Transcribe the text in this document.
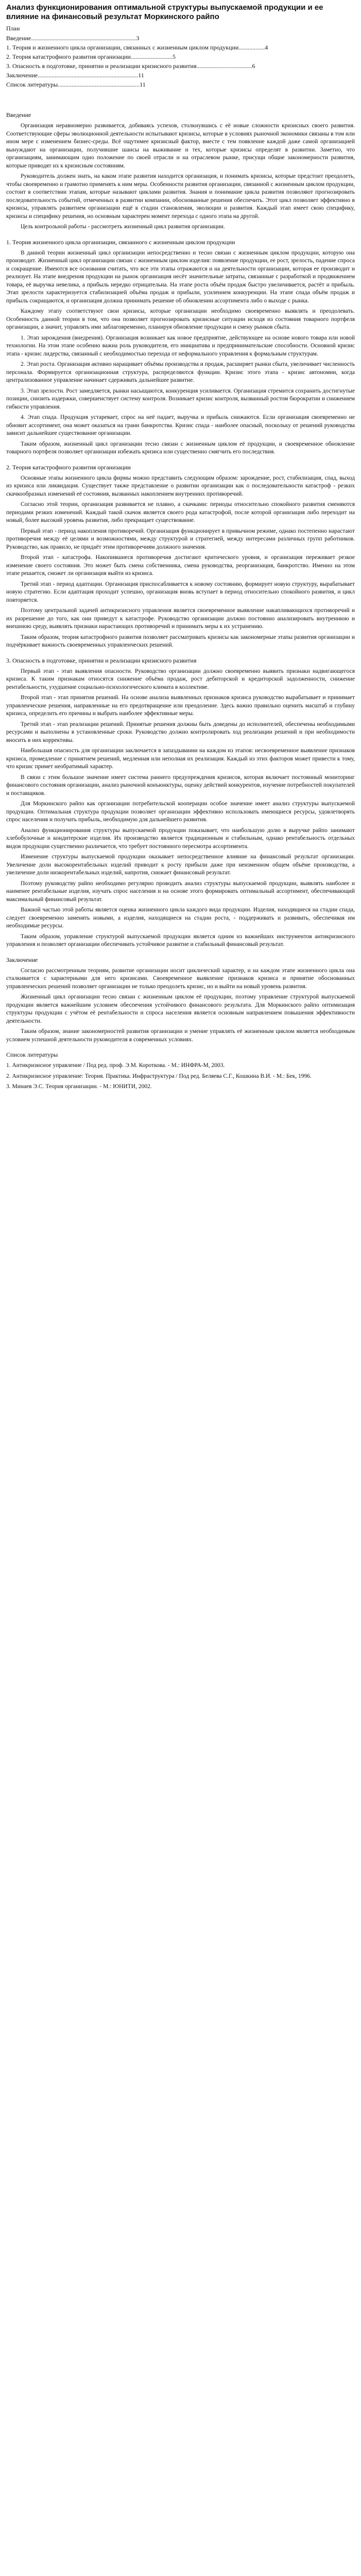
Анализ функционирования оптимальной структуры выпускаемой продукции и ее влияние на финансовый результат Моркинского райпо
План
Введение....................................................................3
1. Теория и жизненного цикла организации, связанных с жизненным циклом продукции.................4
2. Теория катастрофного развития организации...........................5
3. Опасность в подготовке, принятии и реализации кризисного развития....................................6
Заключение.................................................................11
Список литературы.....................................................11
Введение

Организация неравномерно развивается, добиваясь успехов, столкнувшись с её новые сложности кризисных своего развития. Соответствующие сферы эволюционной деятельности испытывают кризисы, которые в условиях рыночной экономики связаны в том или ином мере с изменением бизнес-среды. Всё ощутимее кризисный фактор, вместе с тем появление каждой даже самой организацией вынуждают на организации, получившие шансы на выживание и тех, которые кризисы определят в развитии. Заметно, что организациям, занимающим одно положение по своей отрасли и на отраслевом рынке, присущи общие закономерности развития, которые приводят их к кризисным состояниям.

Руководитель должен знать, на каком этапе развития находится организация, и понимать кризисы, которые предстоит преодолеть, чтобы своевременно и грамотно применять к ним меры. Особенности развития организации, связанной с жизненным циклом продукции, состоит в соответствии этапам, которые называют циклами развития. Знания и понимание цикла развития позволяют прогнозировать последовательность событий, отмеченных в развитии компании, обоснованные решения обеспечить. Этот цикл позволяет эффективно в кризисы, управлять развитием организации ещё в стадии становления, эволюции и развития. Каждый этап имеет свою специфику, кризисы и специфику решения, но основным характерен момент перехода с одного этапа на другой.

Цель контрольной работы - рассмотреть жизненный цикл развития организации.

1. Теория жизненного цикла организации, связанного с жизненным циклом продукции

В данной теории жизненный цикл организации непосредственно и тесно связан с жизненным циклом продукции, которую она производит. Жизненный цикл организации связан с жизненным циклом изделия: появление продукции, ее рост, зрелость, падение спроса и сокращение. Имеются все основания считать, что все эти этапы отражаются и на деятельности организации, которая ее производит и реализует. На этапе внедрения продукции на рынок организация несёт значительные затраты, связанные с разработкой и продвижением товара, её выручка невелика, а прибыль нередко отрицательна. На этапе роста объём продаж быстро увеличивается, растёт и прибыль. Этап зрелости характеризуется стабилизацией объёма продаж и прибыли, усилением конкуренции. На этапе спада объём продаж и прибыль сокращаются, и организация должна принимать решение об обновлении ассортимента либо о выходе с рынка.

Каждому этапу соответствуют свои кризисы, которые организации необходимо своевременно выявлять и преодолевать. Особенность данной теории в том, что она позволяет прогнозировать кризисные ситуации исходя из состояния товарного портфеля организации, а значит, управлять ими заблаговременно, планируя обновление продукции и смену рынков сбыта.

1. Этап зарождения (внедрения). Организация возникает как новое предприятие, действующее на основе нового товара или новой технологии. На этом этапе особенно важна роль руководителя, его инициатива и предпринимательские способности. Основной кризис этапа - кризис лидерства, связанный с необходимостью перехода от неформального управления к формальным структурам.

2. Этап роста. Организация активно наращивает объёмы производства и продаж, расширяет рынки сбыта, увеличивает численность персонала. Формируется организационная структура, распределяются функции. Кризис этого этапа - кризис автономии, когда централизованное управление начинает сдерживать дальнейшее развитие.

3. Этап зрелости. Рост замедляется, рынки насыщаются, конкуренция усиливается. Организация стремится сохранить достигнутые позиции, снизить издержки, совершенствует систему контроля. Возникает кризис контроля, вызванный ростом бюрократии и снижением гибкости управления.

4. Этап спада. Продукция устаревает, спрос на неё падает, выручка и прибыль снижаются. Если организация своевременно не обновит ассортимент, она может оказаться на грани банкротства. Кризис спада - наиболее опасный, поскольку от решений руководства зависит дальнейшее существование организации.

Таким образом, жизненный цикл организации тесно связан с жизненным циклом её продукции, и своевременное обновление товарного портфеля позволяет организации избежать кризиса или существенно смягчить его последствия.

2. Теория катастрофного развития организации

Основные этапы жизненного цикла фирмы можно представить следующим образом: зарождение, рост, стабилизация, спад, выход из кризиса или ликвидация. Существует также представление о развитии организации как о последовательности катастроф - резких скачкообразных изменений её состояния, вызванных накоплением внутренних противоречий.

Согласно этой теории, организация развивается не плавно, а скачками: периоды относительно спокойного развития сменяются периодами резких изменений. Каждый такой скачок является своего рода катастрофой, после которой организация либо переходит на новый, более высокий уровень развития, либо прекращает существование.

Первый этап - период накопления противоречий. Организация функционирует в привычном режиме, однако постепенно нарастают противоречия между её целями и возможностями, между структурой и стратегией, между интересами различных групп работников. Руководство, как правило, не придаёт этим противоречиям должного значения.

Второй этап - катастрофа. Накопившиеся противоречия достигают критического уровня, и организация переживает резкое изменение своего состояния. Это может быть смена собственника, смена руководства, реорганизация, банкротство. Именно на этом этапе решается, сможет ли организация выйти из кризиса.

Третий этап - период адаптации. Организация приспосабливается к новому состоянию, формирует новую структуру, вырабатывает новую стратегию. Если адаптация проходит успешно, организация вновь вступает в период относительно спокойного развития, и цикл повторяется.

Поэтому центральной задачей антикризисного управления является своевременное выявление накапливающихся противоречий и их разрешение до того, как они приведут к катастрофе. Руководство организации должно постоянно анализировать внутреннюю и внешнюю среду, выявлять признаки нарастающих противоречий и принимать меры к их устранению.

Таким образом, теория катастрофного развития позволяет рассматривать кризисы как закономерные этапы развития организации и подчёркивает важность своевременных управленческих решений.

3. Опасность в подготовке, принятии и реализации кризисного развития

Первый этап - этап выявления опасности. Руководство организации должно своевременно выявить признаки надвигающегося кризиса. К таким признакам относятся снижение объёма продаж, рост дебиторской и кредиторской задолженности, снижение рентабельности, ухудшение социально-психологического климата в коллективе.

Второй этап - этап принятия решений. На основе анализа выявленных признаков кризиса руководство вырабатывает и принимает управленческие решения, направленные на его предотвращение или преодоление. Здесь важно правильно оценить масштаб и глубину кризиса, определить его причины и выбрать наиболее эффективные меры.

Третий этап - этап реализации решений. Принятые решения должны быть доведены до исполнителей, обеспечены необходимыми ресурсами и выполнены в установленные сроки. Руководство должно контролировать ход реализации решений и при необходимости вносить в них коррективы.

Наибольшая опасность для организации заключается в запаздывании на каждом из этапов: несвоевременное выявление признаков кризиса, промедление с принятием решений, медленная или неполная их реализация. Каждый из этих факторов может привести к тому, что кризис примет необратимый характер.

В связи с этим большое значение имеет система раннего предупреждения кризисов, которая включает постоянный мониторинг финансового состояния организации, анализ рыночной конъюнктуры, оценку действий конкурентов, изучение потребностей покупателей и поставщиков.

Для Моркинского райпо как организации потребительской кооперации особое значение имеет анализ структуры выпускаемой продукции. Оптимальная структура продукции позволяет организации эффективно использовать имеющиеся ресурсы, удовлетворять спрос населения и получать прибыль, необходимую для дальнейшего развития.

Анализ функционирования структуры выпускаемой продукции показывает, что наибольшую долю в выручке райпо занимают хлебобулочные и кондитерские изделия. Их производство является традиционным и стабильным, однако рентабельность отдельных видов продукции существенно различается, что требует постоянного пересмотра ассортимента.

Изменение структуры выпускаемой продукции оказывает непосредственное влияние на финансовый результат организации. Увеличение доли высокорентабельных изделий приводит к росту прибыли даже при неизменном общем объёме производства, а увеличение доли низкорентабельных изделий, напротив, снижает финансовый результат.

Поэтому руководству райпо необходимо регулярно проводить анализ структуры выпускаемой продукции, выявлять наиболее и наименее рентабельные изделия, изучать спрос населения и на основе этого формировать оптимальный ассортимент, обеспечивающий максимальный финансовый результат.

Важной частью этой работы является оценка жизненного цикла каждого вида продукции. Изделия, находящиеся на стадии спада, следует своевременно заменять новыми, а изделия, находящиеся на стадии роста, - поддерживать и развивать, обеспечивая им необходимые ресурсы.

Таким образом, управление структурой выпускаемой продукции является одним из важнейших инструментов антикризисного управления и позволяет организации обеспечивать устойчивое развитие и стабильный финансовый результат.

Заключение

Согласно рассмотренным теориям, развитие организации носит циклический характер, и на каждом этапе жизненного цикла она сталкивается с характерными для него кризисами. Своевременное выявление признаков кризиса и принятие обоснованных управленческих решений позволяет организации не только преодолеть кризис, но и выйти на новый уровень развития.

Жизненный цикл организации тесно связан с жизненным циклом её продукции, поэтому управление структурой выпускаемой продукции является важнейшим условием обеспечения устойчивого финансового результата. Для Моркинского райпо оптимизация структуры продукции с учётом её рентабельности и спроса населения является основным направлением повышения эффективности деятельности.

Таким образом, знание закономерностей развития организации и умение управлять её жизненным циклом является необходимым условием успешной деятельности руководителя в современных условиях.

Список литературы

1. Антикризисное управление / Под ред. проф. Э.М. Короткова. - М.: ИНФРА-М, 2003.

2. Антикризисное управление: Теория. Практика. Инфраструктура / Под ред. Беляева С.Г., Кошкина В.И. - М.: Бек, 1996.

3. Минаев Э.С. Теория организации. - М.: ЮНИТИ, 2002.
